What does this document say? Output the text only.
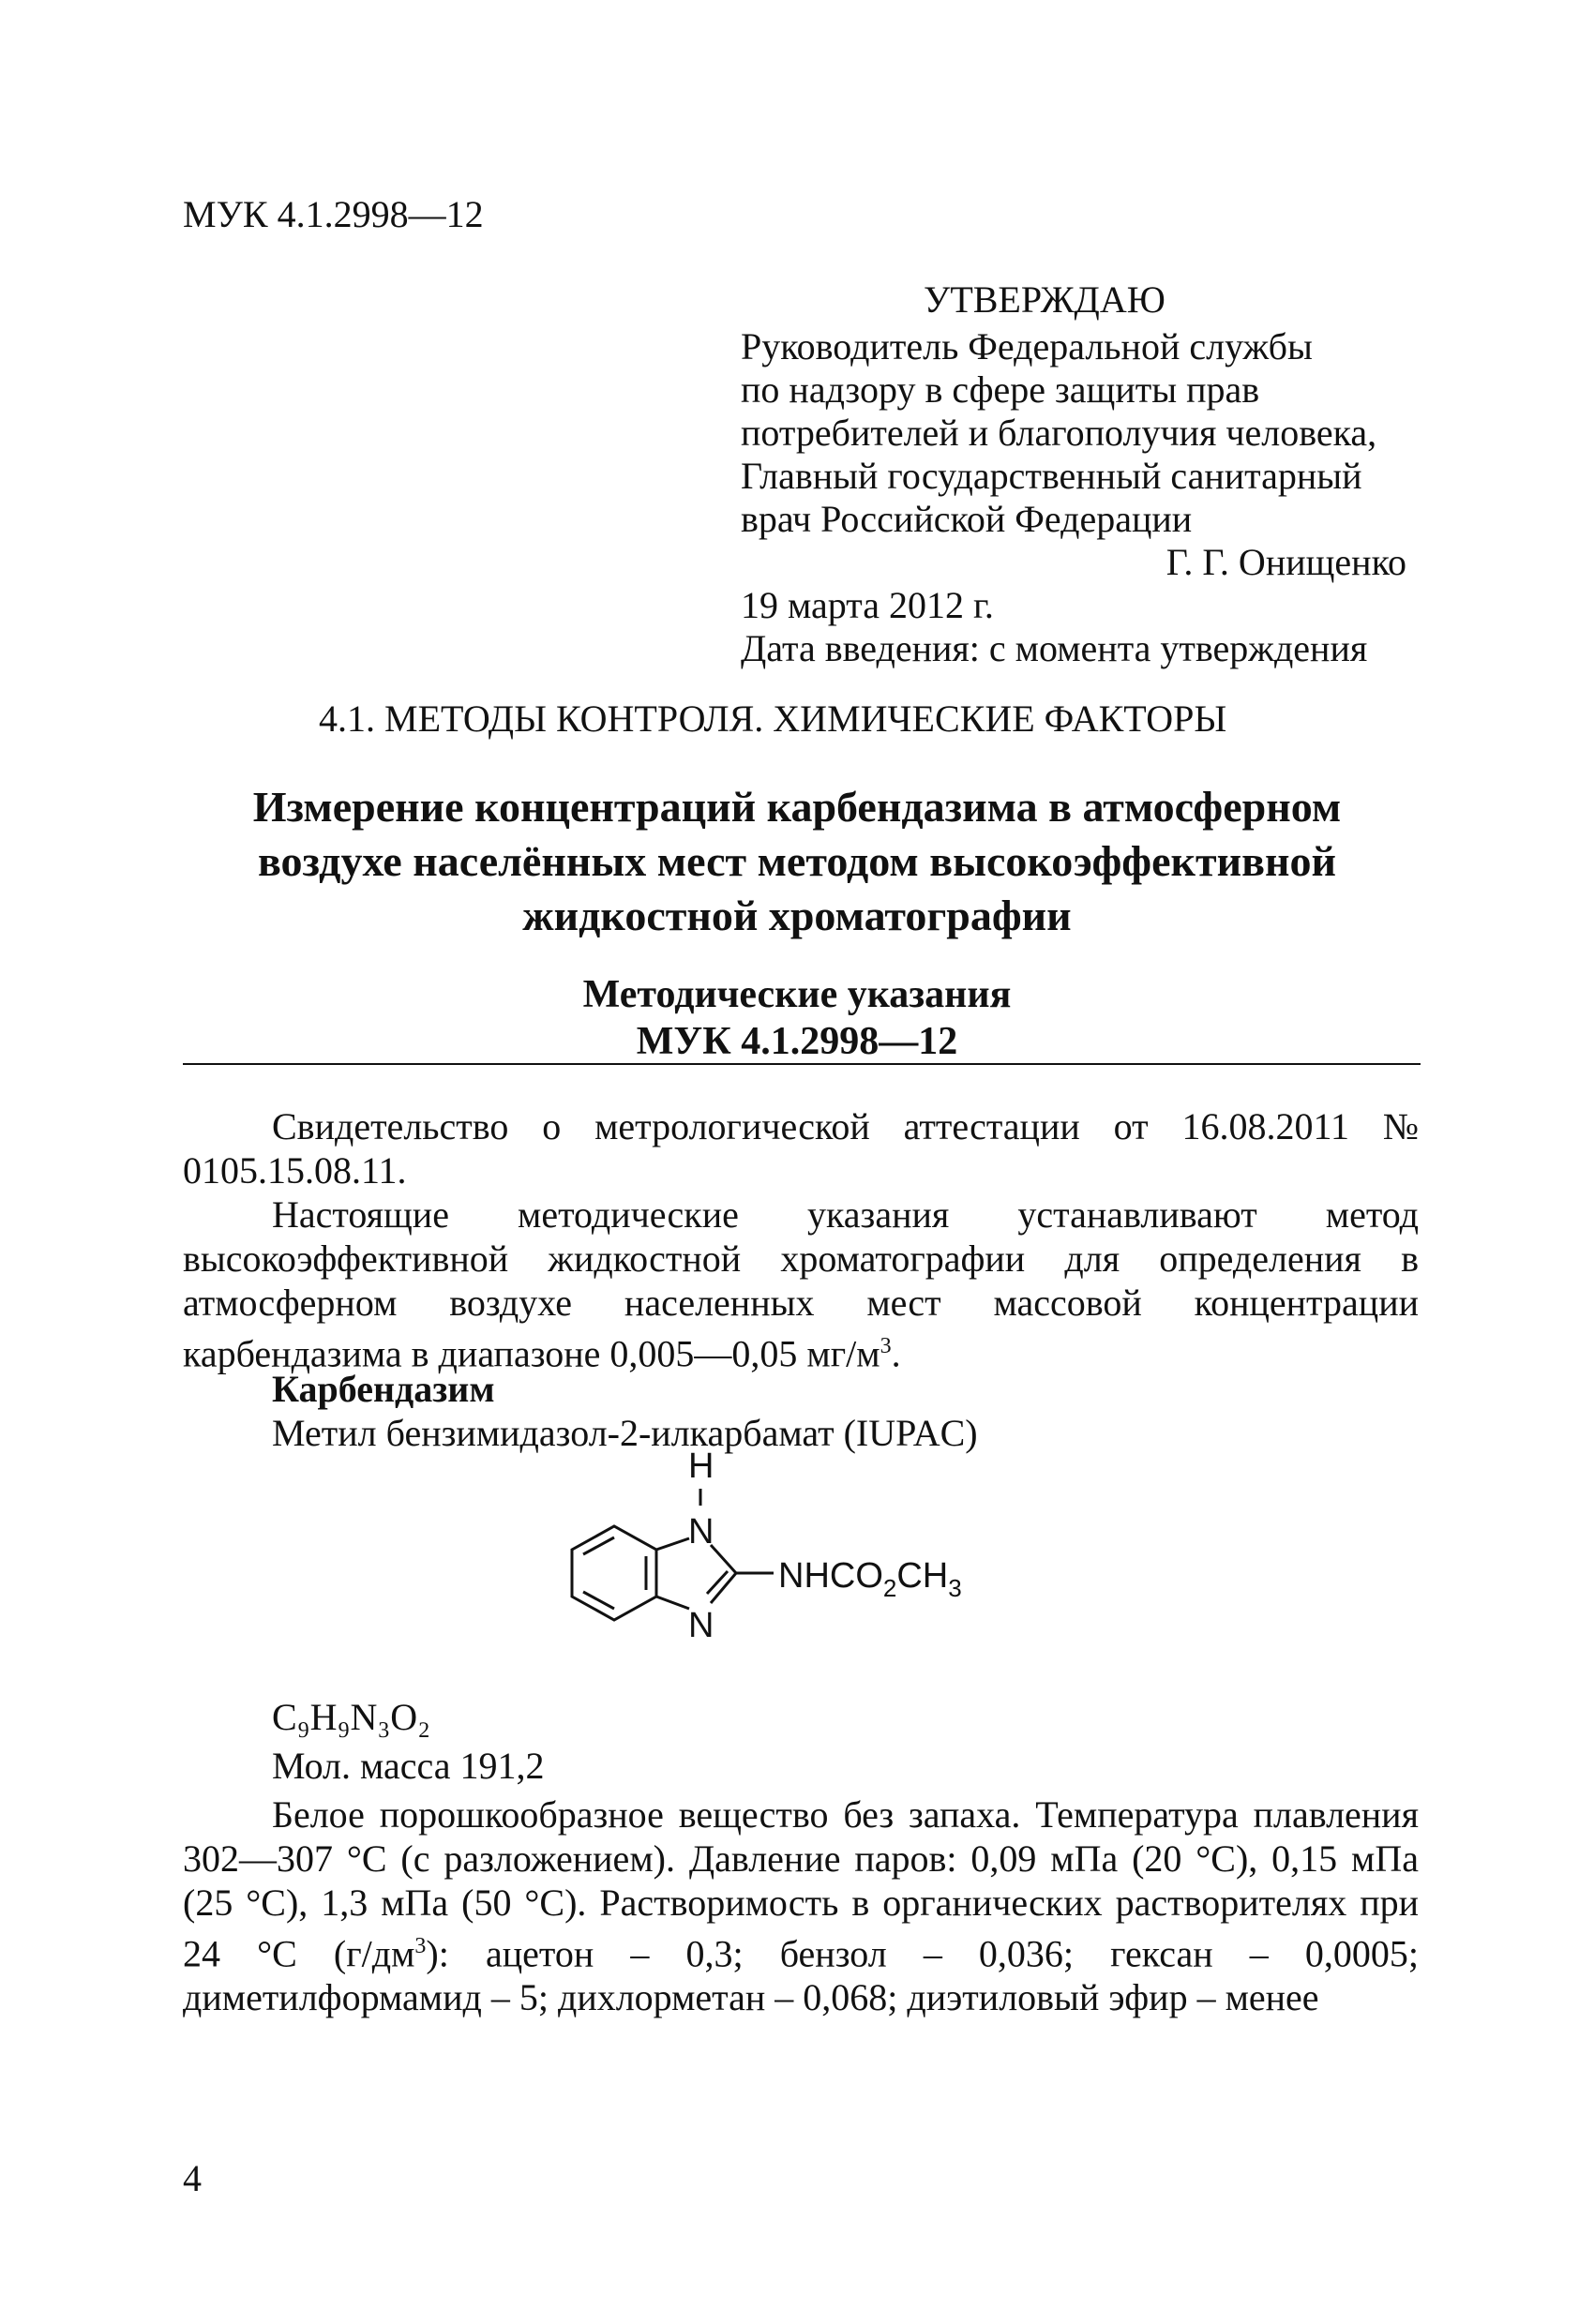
МУК 4.1.2998—12
УТВЕРЖДАЮ
Руководитель Федеральной службы
по надзору в сфере защиты прав
потребителей и благополучия человека,
Главный государственный санитарный
врач Российской Федерации
Г. Г. Онищенко
19 марта 2012 г.
Дата введения: с момента утверждения
4.1. МЕТОДЫ КОНТРОЛЯ. ХИМИЧЕСКИЕ ФАКТОРЫ
Измерение концентраций карбендазима в атмосферном
воздухе населённых мест методом высокоэффективной
жидкостной хроматографии
Методические указания
МУК 4.1.2998—12
Свидетельство о метрологической аттестации от 16.08.2011 № 0105.15.08.11.
Настоящие методические указания устанавливают метод высокоэффективной жидкостной хроматографии для определения в атмосферном воздухе населенных мест массовой концентрации карбендазима в диапазоне 0,005—0,05 $мг/м^3$.
Карбендазим
Метил бензимидазол-2-илкарбамат (IUPAC)
H
N
N
$NHCO_2CH_3$
C₉H₉N₃O₂
Мол. масса 191,2
Белое порошкообразное вещество без запаха. Температура плавления 302—307 °С (с разложением). Давление паров: 0,09 мПа (20 °С), 0,15 мПа (25 °С), 1,3 мПа (50 °С). Растворимость в органических растворителях при 24 °С $(г/дм^3)$: ацетон – 0,3; бензол – 0,036; гексан – 0,0005; диметилформамид – 5; дихлорметан – 0,068; диэтиловый эфир – менее
4
